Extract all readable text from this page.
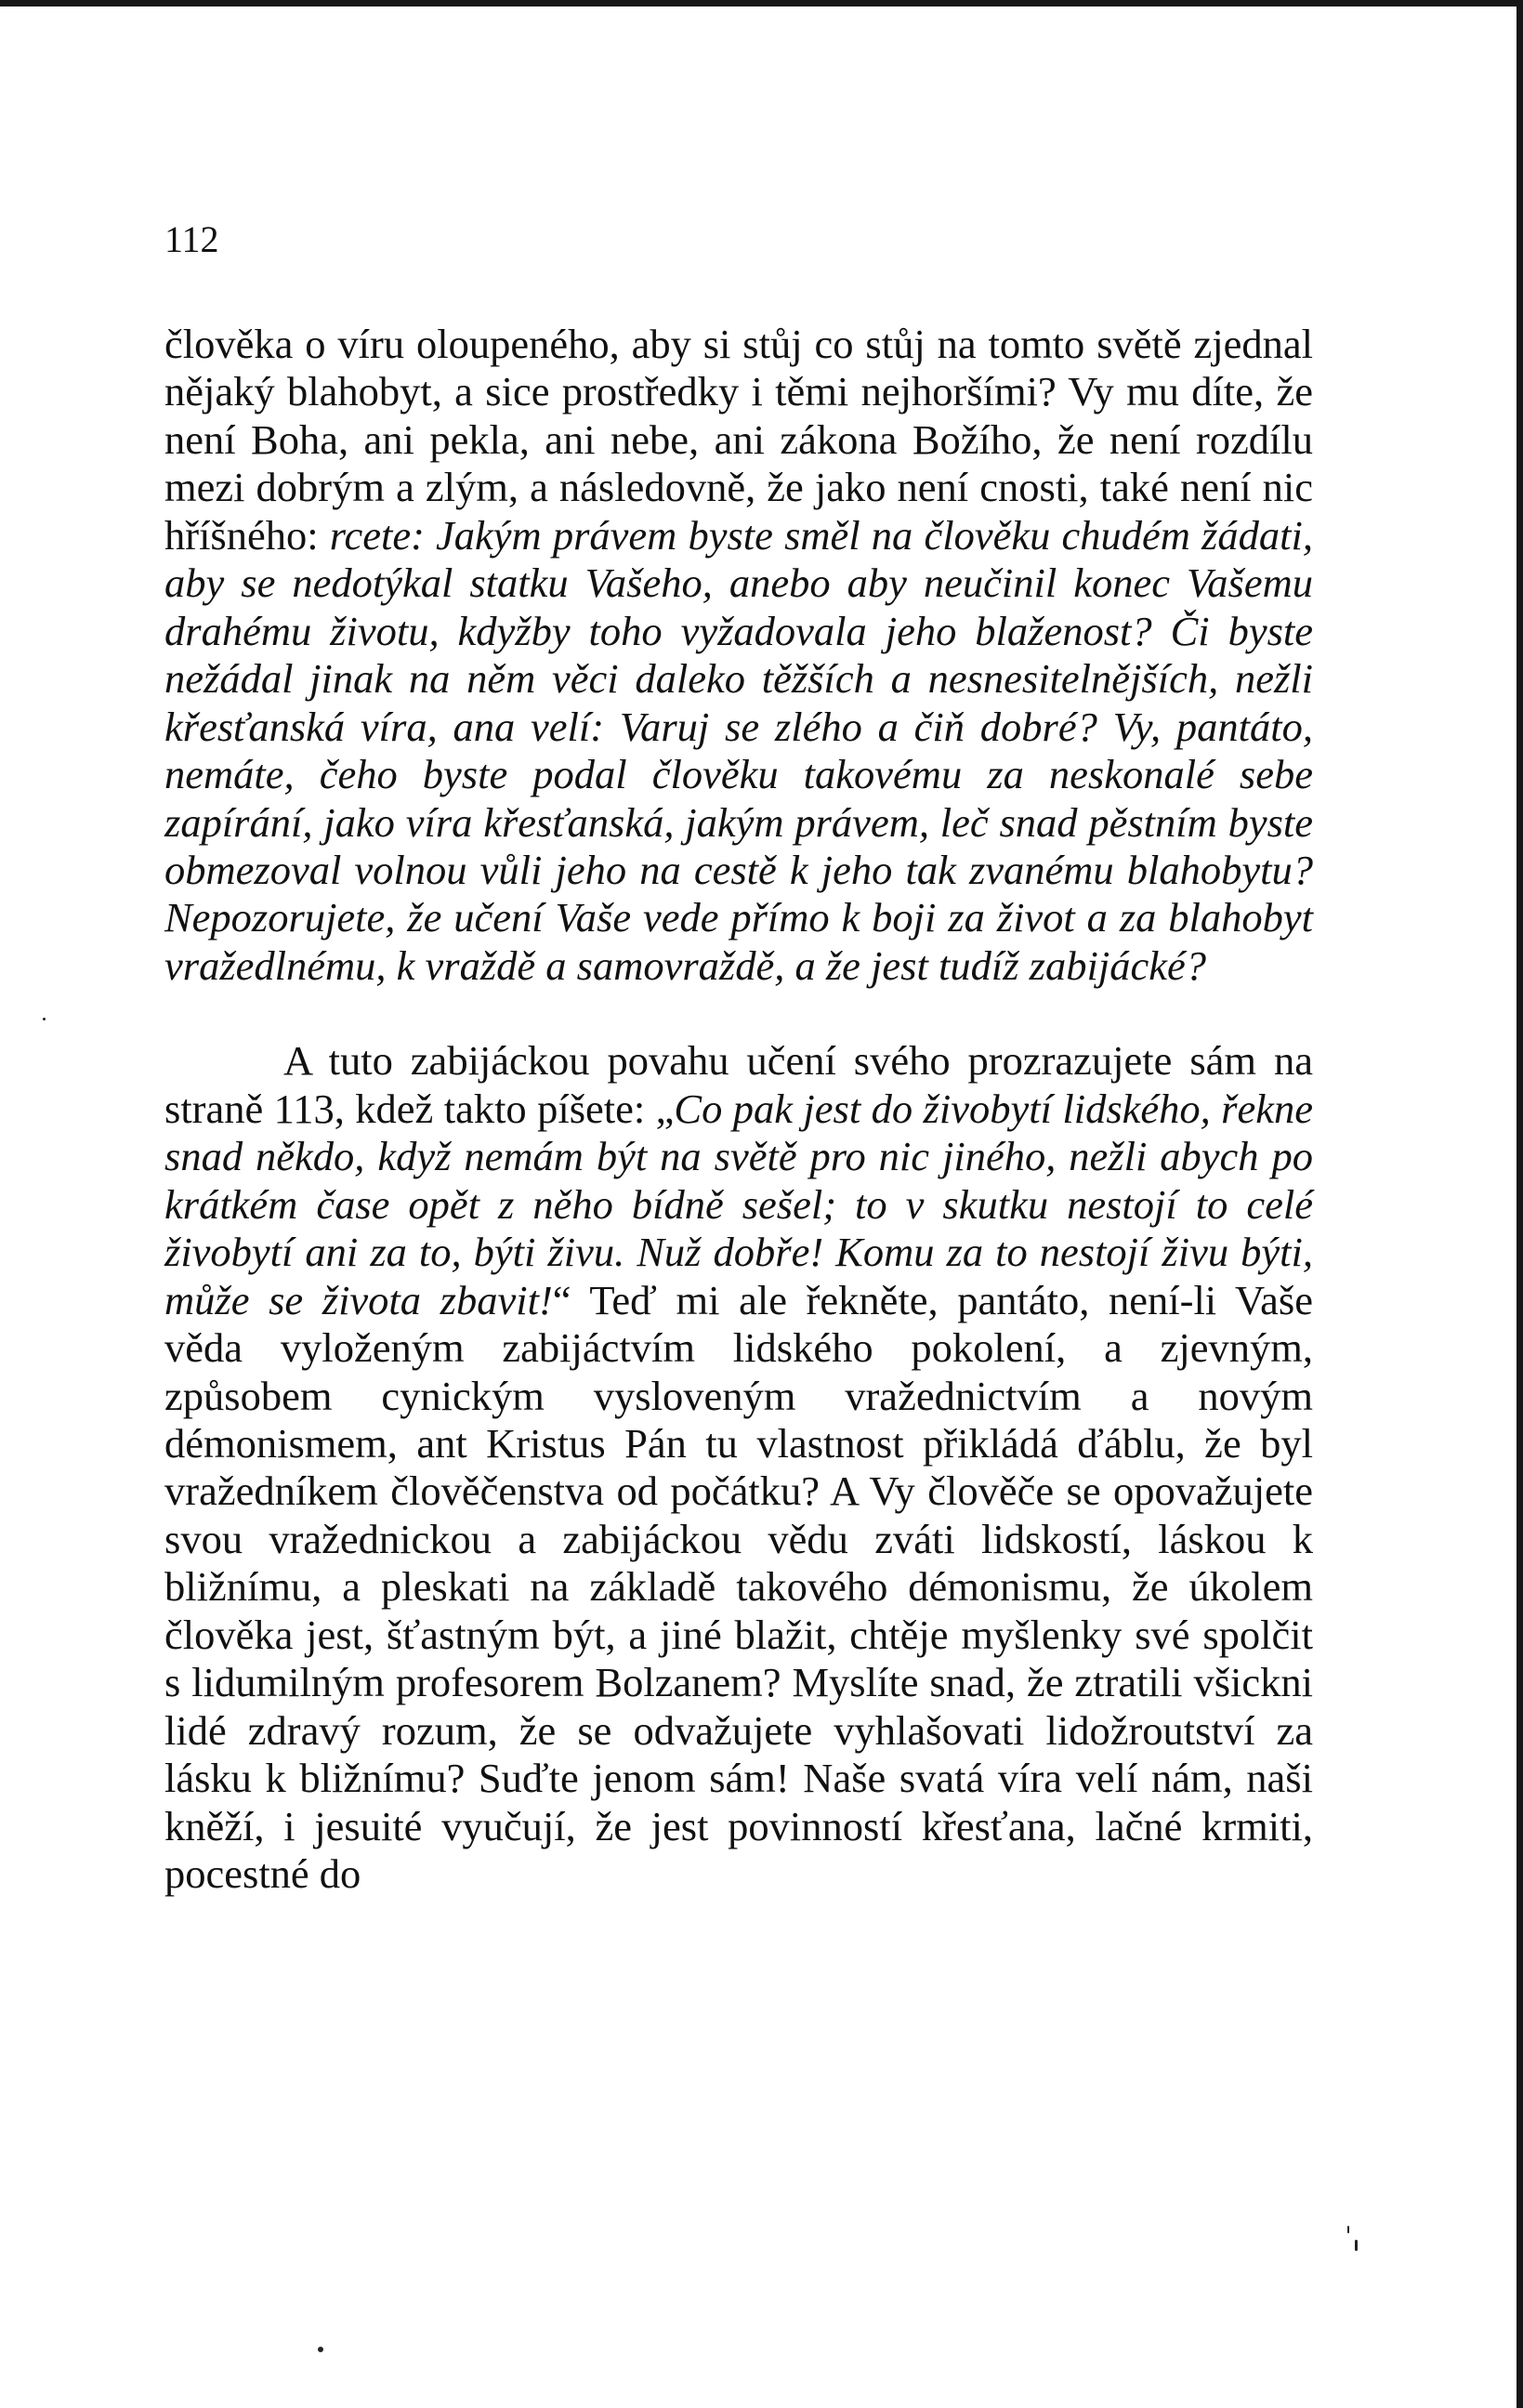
112

člověka o víru oloupeného, aby si stůj co stůj na tomto světě zjednal nějaký blahobyt, a sice prostředky i těmi nejhoršími? Vy mu díte, že není Boha, ani pekla, ani nebe, ani zákona Božího, že není rozdílu mezi dobrým a zlým, a následovně, že jako není cnosti, také není nic hříšného: rcete: Jakým právem byste směl na člověku chudém žádati, aby se nedotýkal statku Vašeho, anebo aby neučinil konec Vašemu drahému životu, kdyžby toho vyžadovala jeho blaženost? Či byste nežádal jinak na něm věci daleko těžších a nesnesitelnějších, nežli křesťanská víra, ana velí: Varuj se zlého a čiň dobré? Vy, pantáto, nemáte, čeho byste podal člověku takovému za neskonalé sebe zapírání, jako víra křesťanská, jakým právem, leč snad pěstním byste obmezoval volnou vůli jeho na cestě k jeho tak zvanému blahobytu? Nepozorujete, že učení Vaše vede přímo k boji za život a za blahobyt vražedlnému, k vraždě a samovraždě, a že jest tudíž zabijácké?

A tuto zabijáckou povahu učení svého prozrazujete sám na straně 113, kdež takto píšete: „Co pak jest do živobytí lidského, řekne snad někdo, když nemám být na světě pro nic jiného, nežli abych po krátkém čase opět z něho bídně sešel; to v skutku nestojí to celé živobytí ani za to, býti živu. Nuž dobře! Komu za to nestojí živu býti, může se života zbavit!“ Teď mi ale řekněte, pantáto, není-li Vaše věda vyloženým zabijáctvím lidského pokolení, a zjevným, způsobem cynickým vysloveným vražednictvím a novým démonismem, ant Kristus Pán tu vlastnost přikládá ďáblu, že byl vražedníkem člověčenstva od počátku? A Vy člověče se opovažujete svou vražednickou a zabijáckou vědu zváti lidskostí, láskou k bližnímu, a pleskati na základě takového démonismu, že úkolem člověka jest, šťastným být, a jiné blažit, chtěje myšlenky své spolčit s lidumilným profesorem Bolzanem? Myslíte snad, že ztratili všickni lidé zdravý rozum, že se odvažujete vyhlašovati lidožroutství za lásku k bližnímu? Suďte jenom sám! Naše svatá víra velí nám, naši kněží, i jesuité vyučují, že jest povinností křesťana, lačné krmiti, pocestné do
